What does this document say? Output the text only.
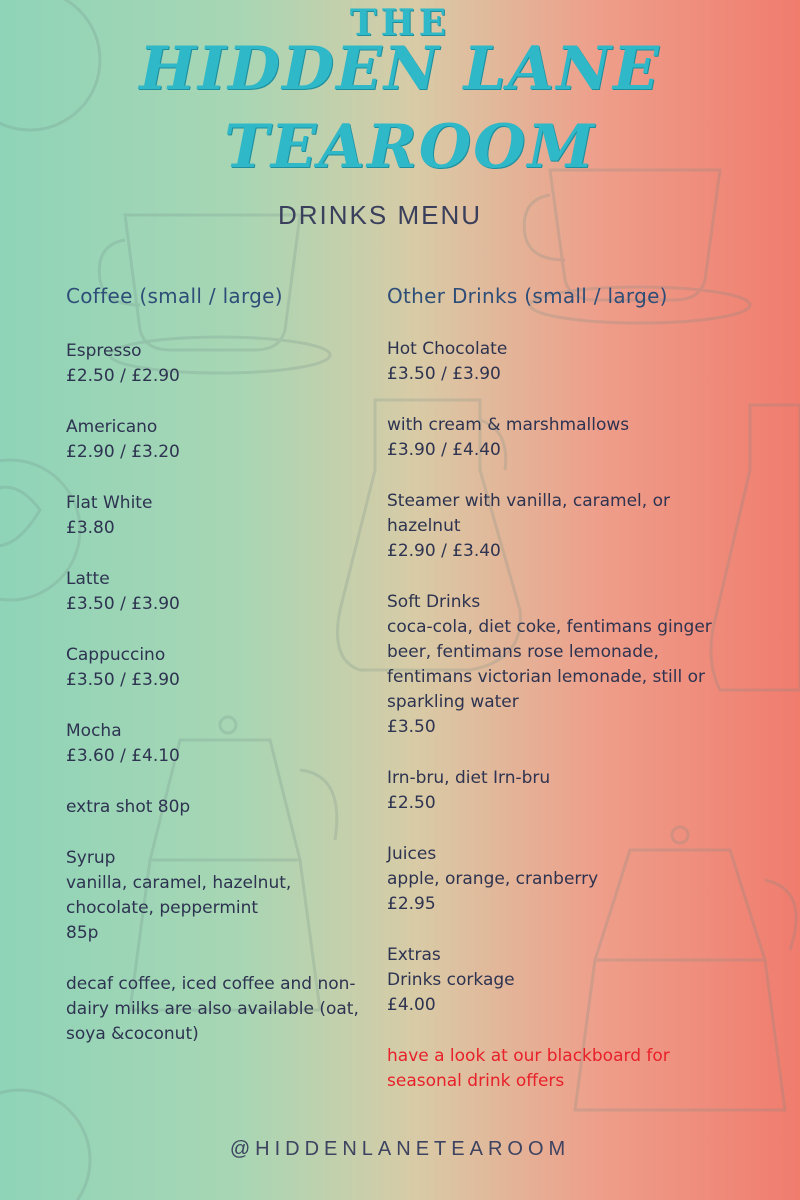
THE
HIDDEN LANE
TEAROOM
DRINKS MENU
Coffee (small / large)	Other Drinks (small / large)
Espresso
£2.50 / £2.90
Americano
£2.90 / £3.20
Flat White
£3.80
Latte
£3.50 / £3.90
Cappuccino
£3.50 / £3.90
Mocha
£3.60 / £4.10
extra shot 80p
Syrup
vanilla, caramel, hazelnut, chocolate, peppermint
85p
decaf coffee, iced coffee and non-dairy milks are also available (oat, soya &coconut)
Hot Chocolate
£3.50 / £3.90
with cream & marshmallows
£3.90 / £4.40
Steamer with vanilla, caramel, or hazelnut
£2.90 / £3.40
Soft Drinks
coca-cola, diet coke, fentimans ginger beer, fentimans rose lemonade, fentimans victorian lemonade, still or sparkling water
£3.50
Irn-bru, diet Irn-bru
£2.50
Juices
apple, orange, cranberry
£2.95
Extras
Drinks corkage
£4.00
have a look at our blackboard for seasonal drink offers
@HIDDENLANETEAROOM
